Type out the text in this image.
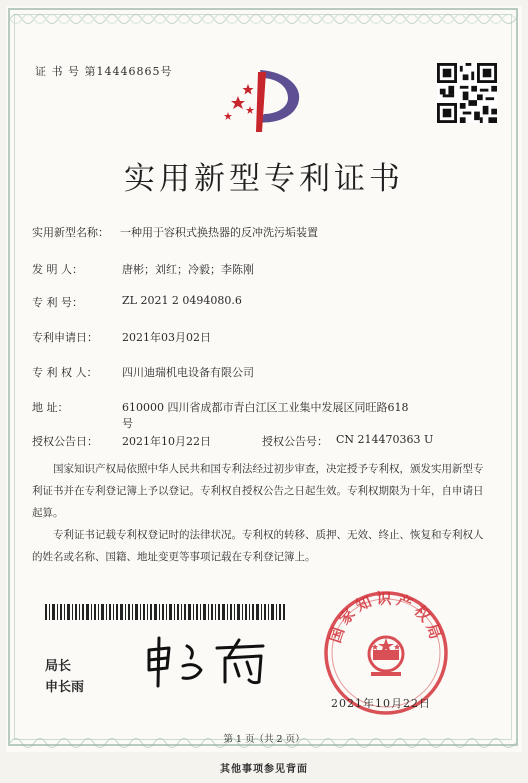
证 书 号 第14446865号
实用新型专利证书
实用新型名称： 一种用于容积式换热器的反冲洗污垢装置
发 明 人：	唐彬；刘红；冷毅；李陈刚
专 利 号：	ZL 2021 2 0494080.6
专利申请日： 2021年03月02日
专 利 权 人： 四川迪瑞机电设备有限公司
地 址：	610000 四川省成都市青白江区工业集中发展区同旺路618
号
授权公告日： 2021年10月22日	授权公告号： CN 214470363 U
国家知识产权局依照中华人民共和国专利法经过初步审查，决定授予专利权，颁发实用新型专利证书并在专利登记簿上予以登记。专利权自授权公告之日起生效。专利权期限为十年，自申请日起算。
专利证书记载专利权登记时的法律状况。专利权的转移、质押、无效、终止、恢复和专利权人的姓名或名称、国籍、地址变更等事项记载在专利登记簿上。
局长
申长雨
国家知识产权局
2021年10月22日
第 1 页（共 2 页）
其他事项参见背面
